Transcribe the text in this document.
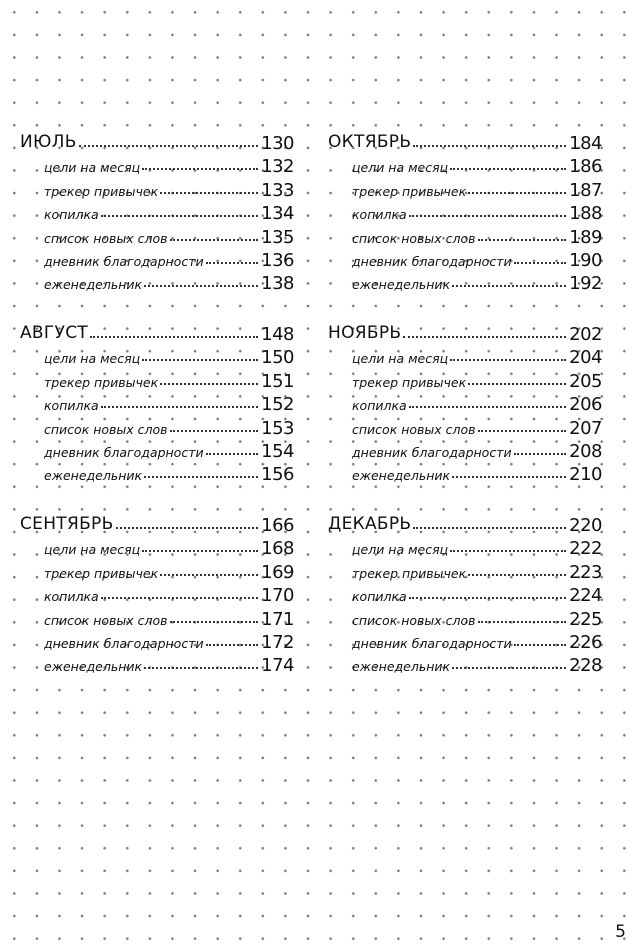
ИЮЛЬ	130
цели на месяц	132
трекер привычек	133
копилка	134
список новых слов	135
дневник благодарности	136
еженедельник	138
АВГУСТ	148
цели на месяц	150
трекер привычек	151
копилка	152
список новых слов	153
дневник благодарности	154
еженедельник	156
СЕНТЯБРЬ	166
цели на месяц	168
трекер привычек	169
копилка	170
список новых слов	171
дневник благодарности	172
еженедельник	174
ОКТЯБРЬ	184
цели на месяц	186
трекер привычек	187
копилка	188
список новых слов	189
дневник благодарности	190
еженедельник	192
НОЯБРЬ	202
цели на месяц	204
трекер привычек	205
копилка	206
список новых слов	207
дневник благодарности	208
еженедельник	210
ДЕКАБРЬ	220
цели на месяц	222
трекер привычек	223
копилка	224
список новых слов	225
дневник благодарности	226
еженедельник	228
5
